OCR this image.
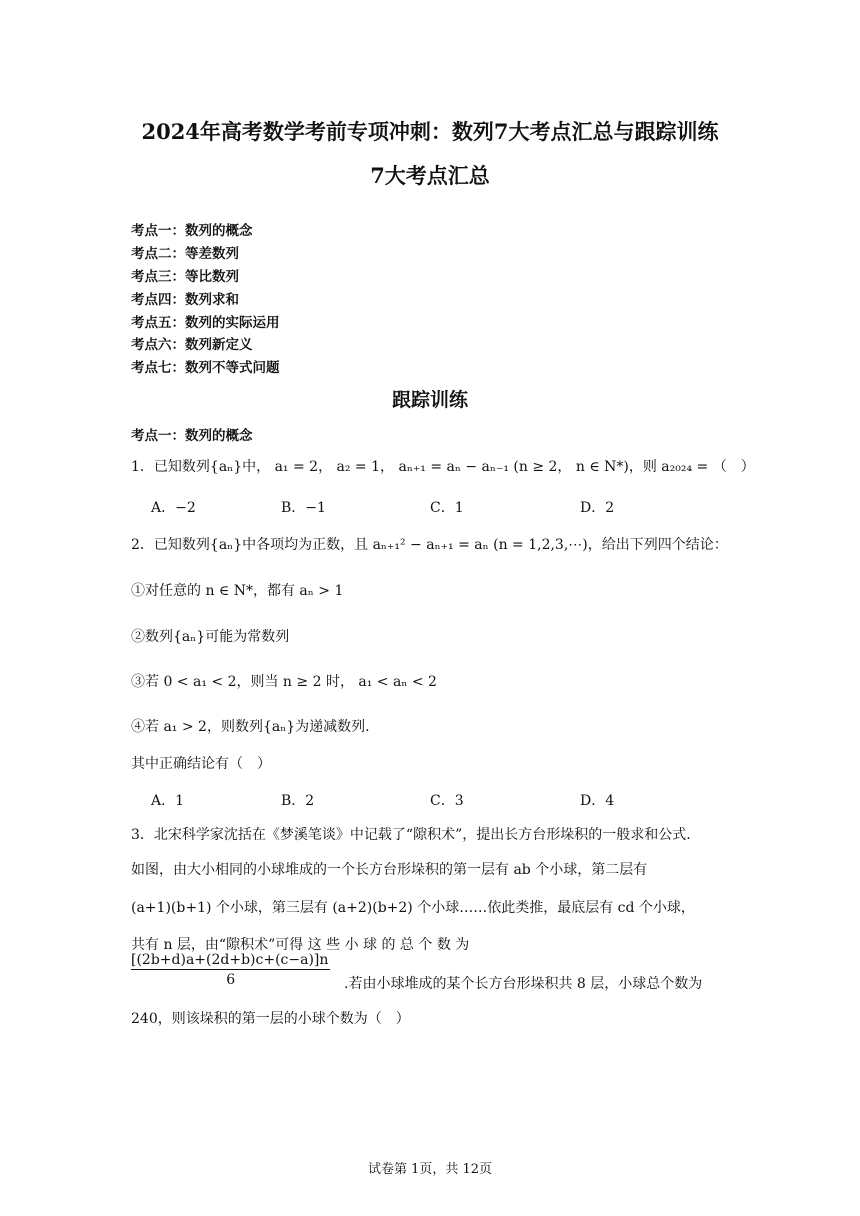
2024年高考数学考前专项冲刺：数列7大考点汇总与跟踪训练
7大考点汇总
考点一：数列的概念
考点二：等差数列
考点三：等比数列
考点四：数列求和
考点五：数列的实际运用
考点六：数列新定义
考点七：数列不等式问题
跟踪训练
考点一：数列的概念
1．已知数列{aₙ}中， a₁ = 2， a₂ = 1， aₙ₊₁ = aₙ − aₙ₋₁ (n ≥ 2， n ∈ N*)，则 a₂₀₂₄ = （　）
A．−2	B．−1	C．1	D．2
2．已知数列{aₙ}中各项均为正数，且 aₙ₊₁² − aₙ₊₁ = aₙ (n = 1,2,3,⋯)，给出下列四个结论：
①对任意的 n ∈ N*，都有 aₙ > 1
②数列{aₙ}可能为常数列
③若 0 < a₁ < 2，则当 n ≥ 2 时， a₁ < aₙ < 2
④若 a₁ > 2，则数列{aₙ}为递减数列.
其中正确结论有（　）
A．1	B．2	C．3	D．4
3．北宋科学家沈括在《梦溪笔谈》中记载了“隙积术”，提出长方台形垛积的一般求和公式.
如图，由大小相同的小球堆成的一个长方台形垛积的第一层有 ab 个小球，第二层有
(a+1)(b+1) 个小球，第三层有 (a+2)(b+2) 个小球……依此类推，最底层有 cd 个小球，
共有 n 层，由“隙积术”可得 这 些 小 球 的 总 个 数 为
$\frac{[(2b+d)a+(2d+b)c+(c-a)]n}{6}$ .若由小球堆成的某个长方台形垛积共 8 层，小球总个数为
240，则该垛积的第一层的小球个数为（　）
试卷第 1页，共 12页
